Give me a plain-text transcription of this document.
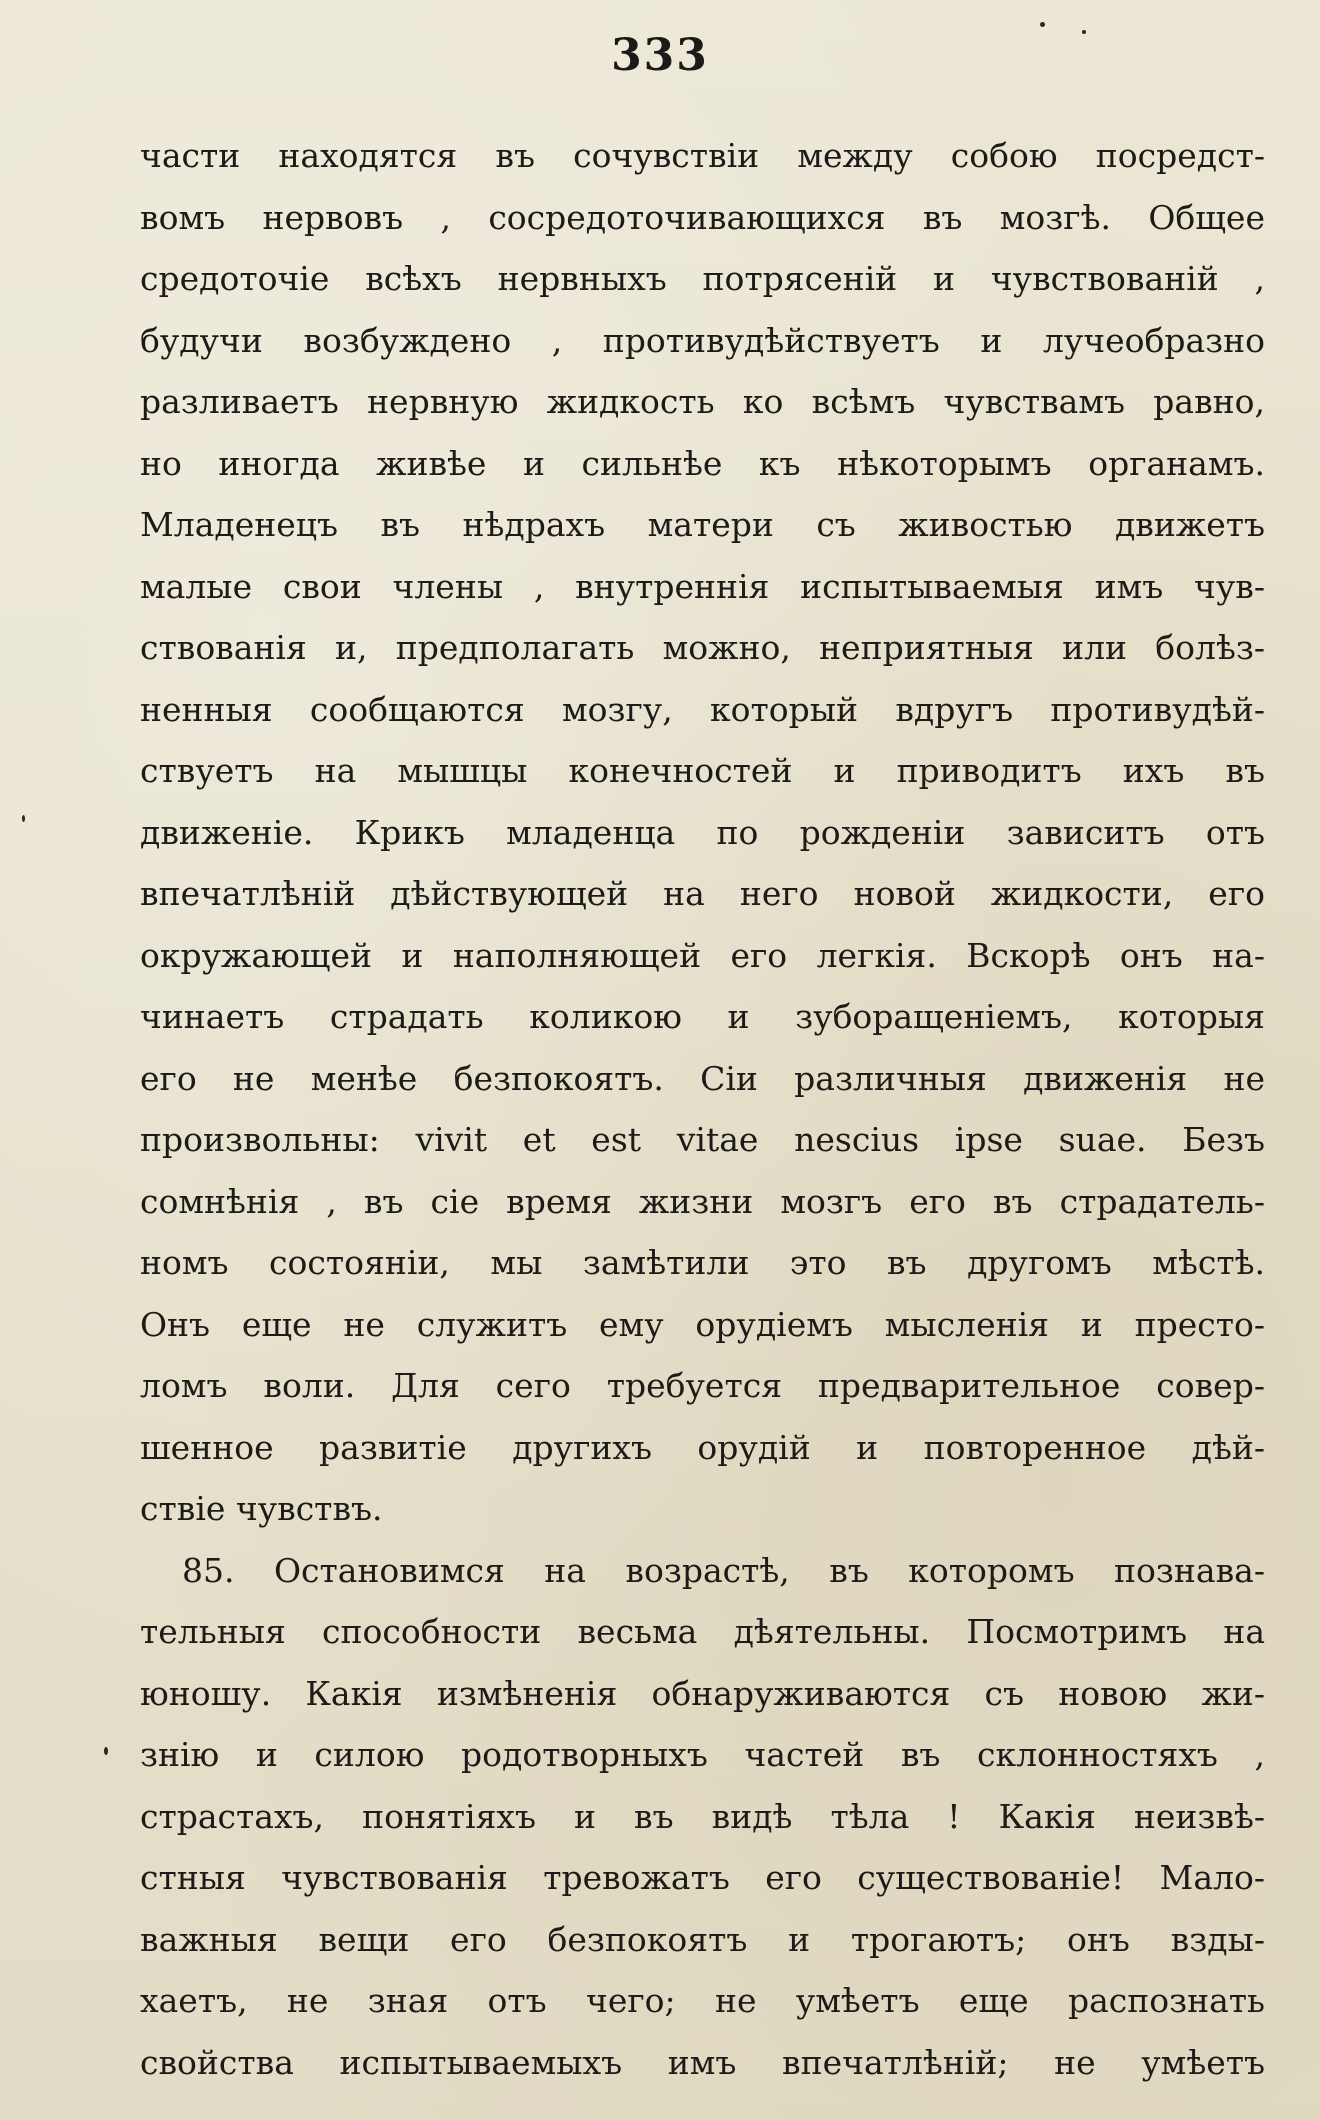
333
части находятся въ сочувствіи между собою посредст-
вомъ нервовъ , сосредоточивающихся въ мозгѣ. Общее
средоточіе всѣхъ нервныхъ потрясеній и чувствованій ,
будучи возбуждено , противудѣйствуетъ и лучеобразно
разливаетъ нервную жидкость ко всѣмъ чувствамъ равно,
но иногда живѣе и сильнѣе къ нѣкоторымъ органамъ.
Младенецъ въ нѣдрахъ матери съ живостью движетъ
малые свои члены , внутреннія испытываемыя имъ чув-
ствованія и, предполагать можно, неприятныя или болѣз-
ненныя сообщаются мозгу, который вдругъ противудѣй-
ствуетъ на мышцы конечностей и приводитъ ихъ въ
движеніе. Крикъ младенца по рожденіи зависитъ отъ
впечатлѣній дѣйствующей на него новой жидкости, его
окружающей и наполняющей его легкія. Вскорѣ онъ на-
чинаетъ страдать коликою и зуборащеніемъ, которыя
его не менѣе безпокоятъ. Сіи различныя движенія не
произвольны: vivit et est vitae nescius ipse suae. Безъ
сомнѣнія , въ сіе время жизни мозгъ его въ страдатель-
номъ состояніи, мы замѣтили это въ другомъ мѣстѣ.
Онъ еще не служитъ ему орудіемъ мысленія и престо-
ломъ воли. Для сего требуется предварительное совер-
шенное развитіе другихъ орудій и повторенное дѣй-
ствіе чувствъ.
85. Остановимся на возрастѣ, въ которомъ познава-
тельныя способности весьма дѣятельны. Посмотримъ на
юношу. Какія измѣненія обнаруживаются съ новою жи-
знію и силою родотворныхъ частей въ склонностяхъ ,
страстахъ, понятіяхъ и въ видѣ тѣла ! Какія неизвѣ-
стныя чувствованія тревожатъ его существованіе! Мало-
важныя вещи его безпокоятъ и трогаютъ; онъ взды-
хаетъ, не зная отъ чего; не умѣетъ еще распознать
свойства испытываемыхъ имъ впечатлѣній; не умѣетъ
